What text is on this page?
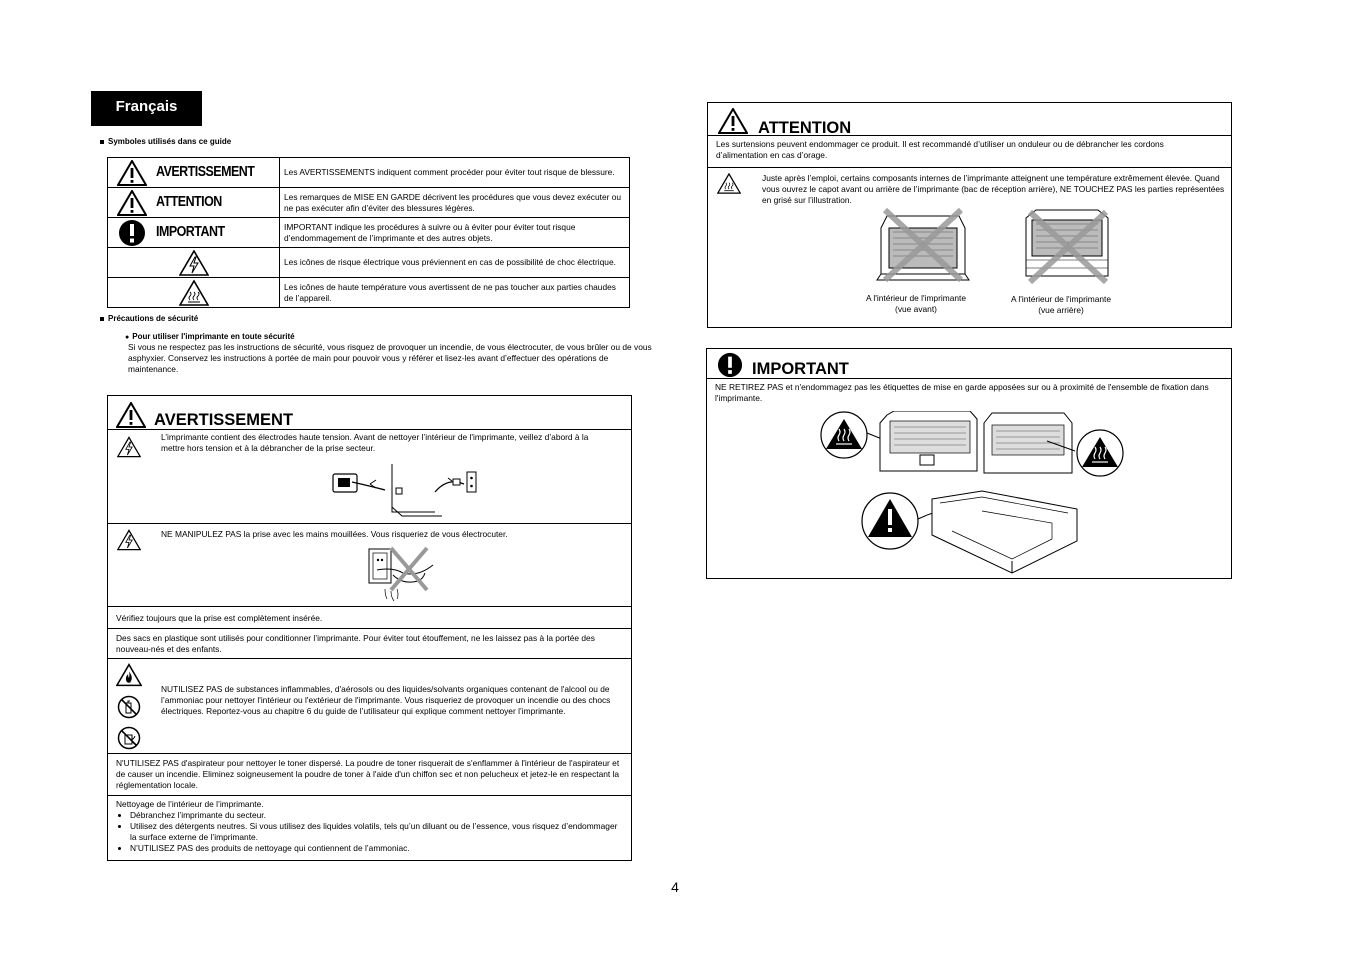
Français
Symboles utilisés dans ce guide
AVERTISSEMENT	Les AVERTISSEMENTS indiquent comment procéder pour éviter tout risque de blessure.

ATTENTION	Les remarques de MISE EN GARDE décrivent les procédures que vous devez exécuter ou ne pas exécuter afin d’éviter des blessures légères.

IMPORTANT	IMPORTANT indique les procédures à suivre ou à éviter pour éviter tout risque d’endommagement de l’imprimante et des autres objets.

	Les icônes de risque électrique vous préviennent en cas de possibilité de choc électrique.

	Les icônes de haute température vous avertissent de ne pas toucher aux parties chaudes de l’appareil.
Précautions de sécurité
● Pour utiliser l'imprimante en toute sécurité
Si vous ne respectez pas les instructions de sécurité, vous risquez de provoquer un incendie, de vous électrocuter, de vous brûler ou de vous asphyxier. Conservez les instructions à portée de main pour pouvoir vous y référer et lisez-les avant d’effectuer des opérations de maintenance.
AVERTISSEMENT
L’imprimante contient des électrodes haute tension. Avant de nettoyer l’intérieur de l'imprimante, veillez d’abord à la mettre hors tension et à la débrancher de la prise secteur.
NE MANIPULEZ PAS la prise avec les mains mouillées. Vous risqueriez de vous électrocuter.
Vérifiez toujours que la prise est complètement insérée.
Des sacs en plastique sont utilisés pour conditionner l’imprimante. Pour éviter tout étouffement, ne les laissez pas à la portée des nouveau-nés et des enfants.
NUTILISEZ PAS de substances inflammables, d'aérosols ou des liquides/solvants organiques contenant de l'alcool ou de l’ammoniac pour nettoyer l'intérieur ou l'extérieur de l'imprimante. Vous risqueriez de provoquer un incendie ou des chocs électriques. Reportez-vous au chapitre 6 du guide de l’utilisateur qui explique comment nettoyer l’imprimante.
N'UTILISEZ PAS d'aspirateur pour nettoyer le toner dispersé. La poudre de toner risquerait de s'enflammer à l'intérieur de l'aspirateur et de causer un incendie. Eliminez soigneusement la poudre de toner à l'aide d'un chiffon sec et non pelucheux et jetez-le en respectant la réglementation locale.
Nettoyage de l’intérieur de l’imprimante.
• Débranchez l’imprimante du secteur.
• Utilisez des détergents neutres. Si vous utilisez des liquides volatils, tels qu’un diluant ou de l’essence, vous risquez d’endommager la surface externe de l’imprimante.
• N’UTILISEZ PAS des produits de nettoyage qui contiennent de l’ammoniac.
ATTENTION
Les surtensions peuvent endommager ce produit. Il est recommandé d’utiliser un onduleur ou de débrancher les cordons d’alimentation en cas d’orage.
Juste après l’emploi, certains composants internes de l’imprimante atteignent une température extrêmement élevée. Quand vous ouvrez le capot avant ou arrière de l’imprimante (bac de réception arrière), NE TOUCHEZ PAS les parties représentées en grisé sur l’illustration.
A l'intérieur de l'imprimante
(vue avant)
A l'intérieur de l'imprimante
(vue arrière)
IMPORTANT
NE RETIREZ PAS et n'endommagez pas les étiquettes de mise en garde apposées sur ou à proximité de l'ensemble de fixation dans l'imprimante.
4
